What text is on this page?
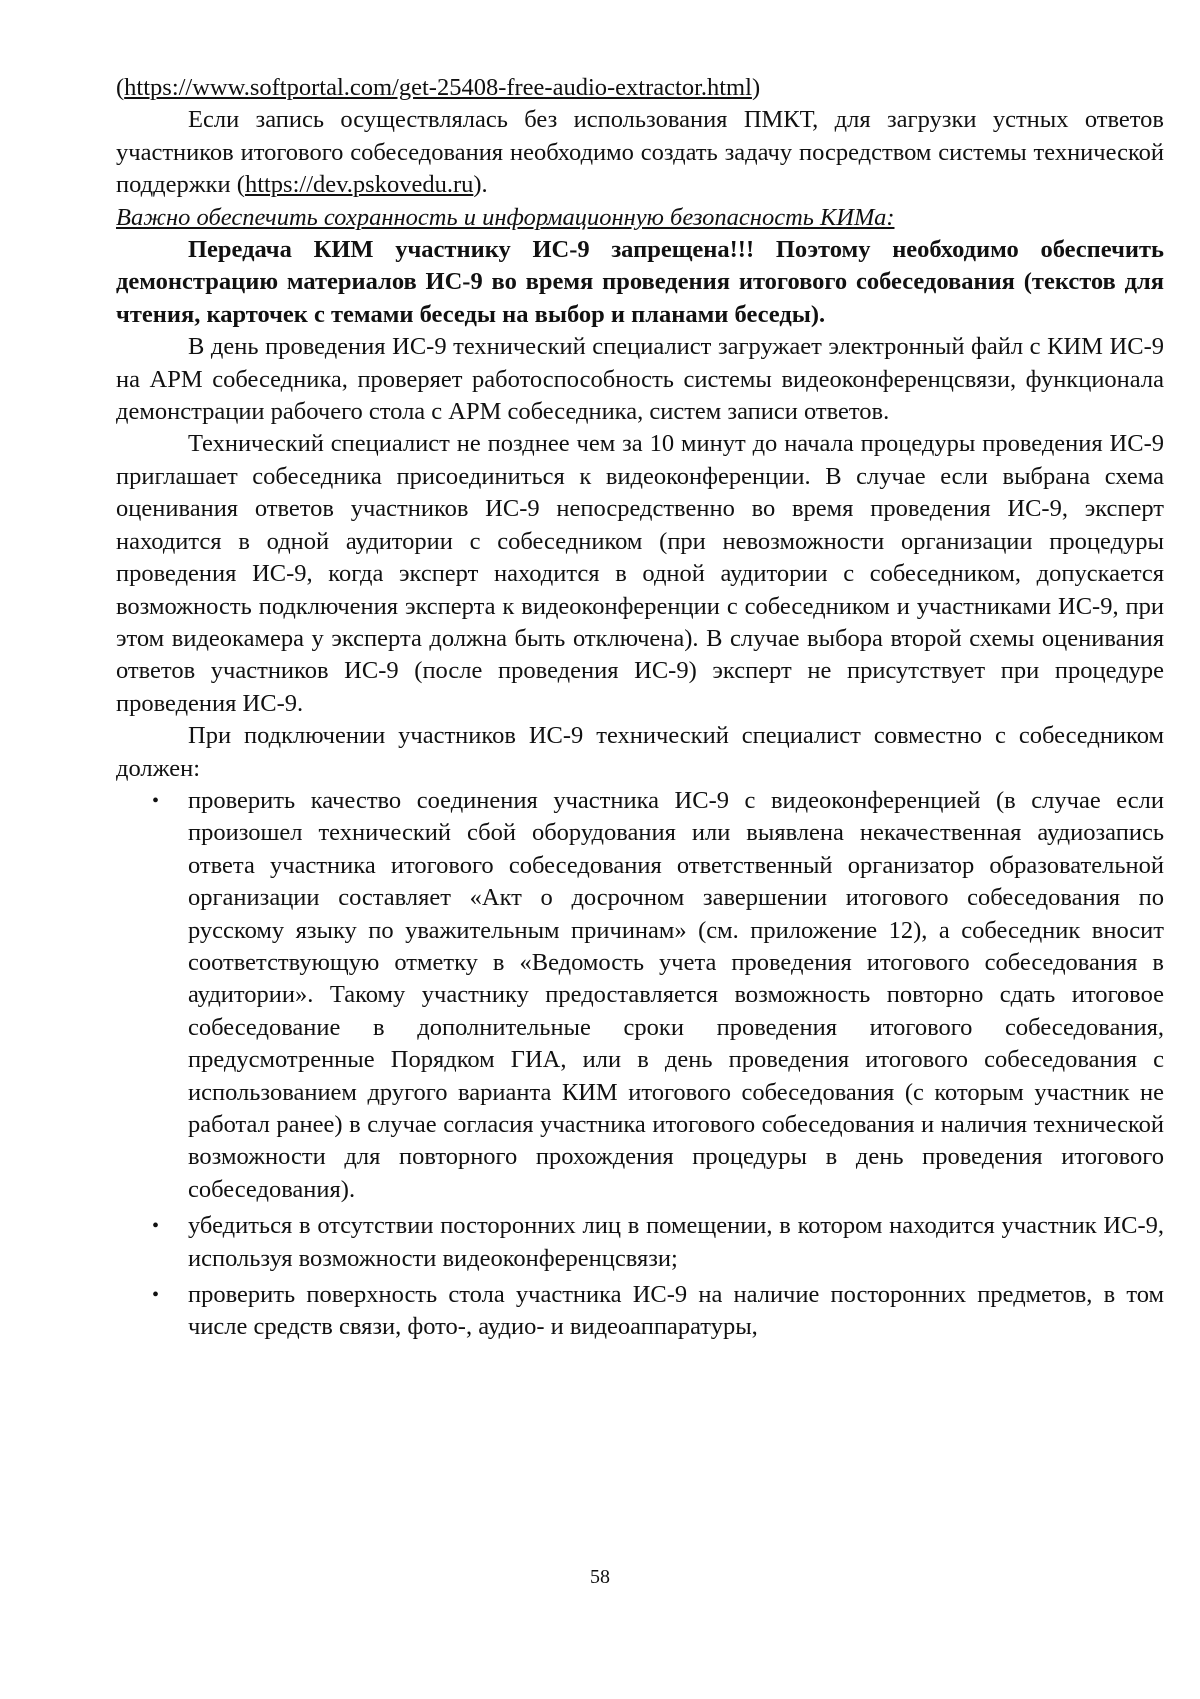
(https://www.softportal.com/get-25408-free-audio-extractor.html)

Если запись осуществлялась без использования ПМКТ, для загрузки устных ответов участников итогового собеседования необходимо создать задачу посредством системы технической поддержки (https://dev.pskovedu.ru).

Важно обеспечить сохранность и информационную безопасность КИМа:

Передача КИМ участнику ИС-9 запрещена!!! Поэтому необходимо обеспечить демонстрацию материалов ИС-9 во время проведения итогового собеседования (текстов для чтения, карточек с темами беседы на выбор и планами беседы).

В день проведения ИС-9 технический специалист загружает электронный файл с КИМ ИС-9 на АРМ собеседника, проверяет работоспособность системы видеоконференцсвязи, функционала демонстрации рабочего стола с АРМ собеседника, систем записи ответов.

Технический специалист не позднее чем за 10 минут до начала процедуры проведения ИС-9 приглашает собеседника присоединиться к видеоконференции. В случае если выбрана схема оценивания ответов участников ИС-9 непосредственно во время проведения ИС-9, эксперт находится в одной аудитории с собеседником (при невозможности организации процедуры проведения ИС-9, когда эксперт находится в одной аудитории с собеседником, допускается возможность подключения эксперта к видеоконференции с собеседником и участниками ИС-9, при этом видеокамера у эксперта должна быть отключена). В случае выбора второй схемы оценивания ответов участников ИС-9 (после проведения ИС-9) эксперт не присутствует при процедуре проведения ИС-9.

При подключении участников ИС-9 технический специалист совместно с собеседником должен:

• проверить качество соединения участника ИС-9 с видеоконференцией (в случае если произошел технический сбой оборудования или выявлена некачественная аудиозапись ответа участника итогового собеседования ответственный организатор образовательной организации составляет «Акт о досрочном завершении итогового собеседования по русскому языку по уважительным причинам» (см. приложение 12), а собеседник вносит соответствующую отметку в «Ведомость учета проведения итогового собеседования в аудитории». Такому участнику предоставляется возможность повторно сдать итоговое собеседование в дополнительные сроки проведения итогового собеседования, предусмотренные Порядком ГИА, или в день проведения итогового собеседования с использованием другого варианта КИМ итогового собеседования (с которым участник не работал ранее) в случае согласия участника итогового собеседования и наличия технической возможности для повторного прохождения процедуры в день проведения итогового собеседования).
• убедиться в отсутствии посторонних лиц в помещении, в котором находится участник ИС-9, используя возможности видеоконференцсвязи;
• проверить поверхность стола участника ИС-9 на наличие посторонних предметов, в том числе средств связи, фото-, аудио- и видеоаппаратуры,
58
